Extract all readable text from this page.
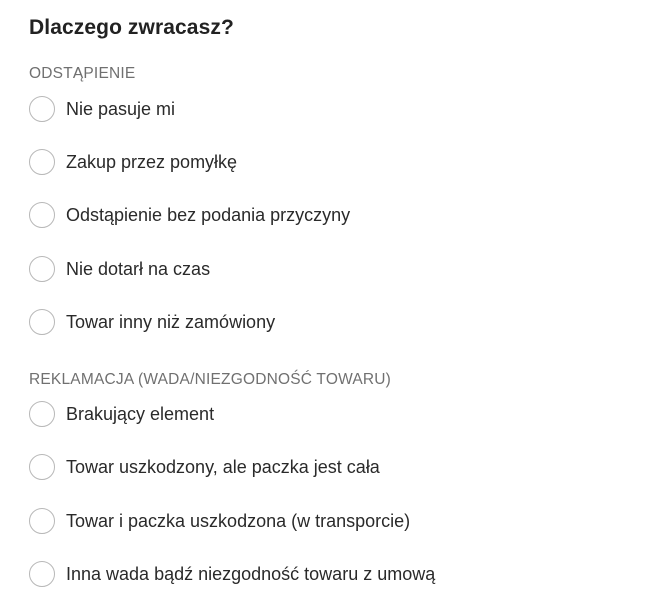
Dlaczego zwracasz?
ODSTĄPIENIE
Nie pasuje mi
Zakup przez pomyłkę
Odstąpienie bez podania przyczyny
Nie dotarł na czas
Towar inny niż zamówiony
REKLAMACJA (WADA/NIEZGODNOŚĆ TOWARU)
Brakujący element
Towar uszkodzony, ale paczka jest cała
Towar i paczka uszkodzona (w transporcie)
Inna wada bądź niezgodność towaru z umową
